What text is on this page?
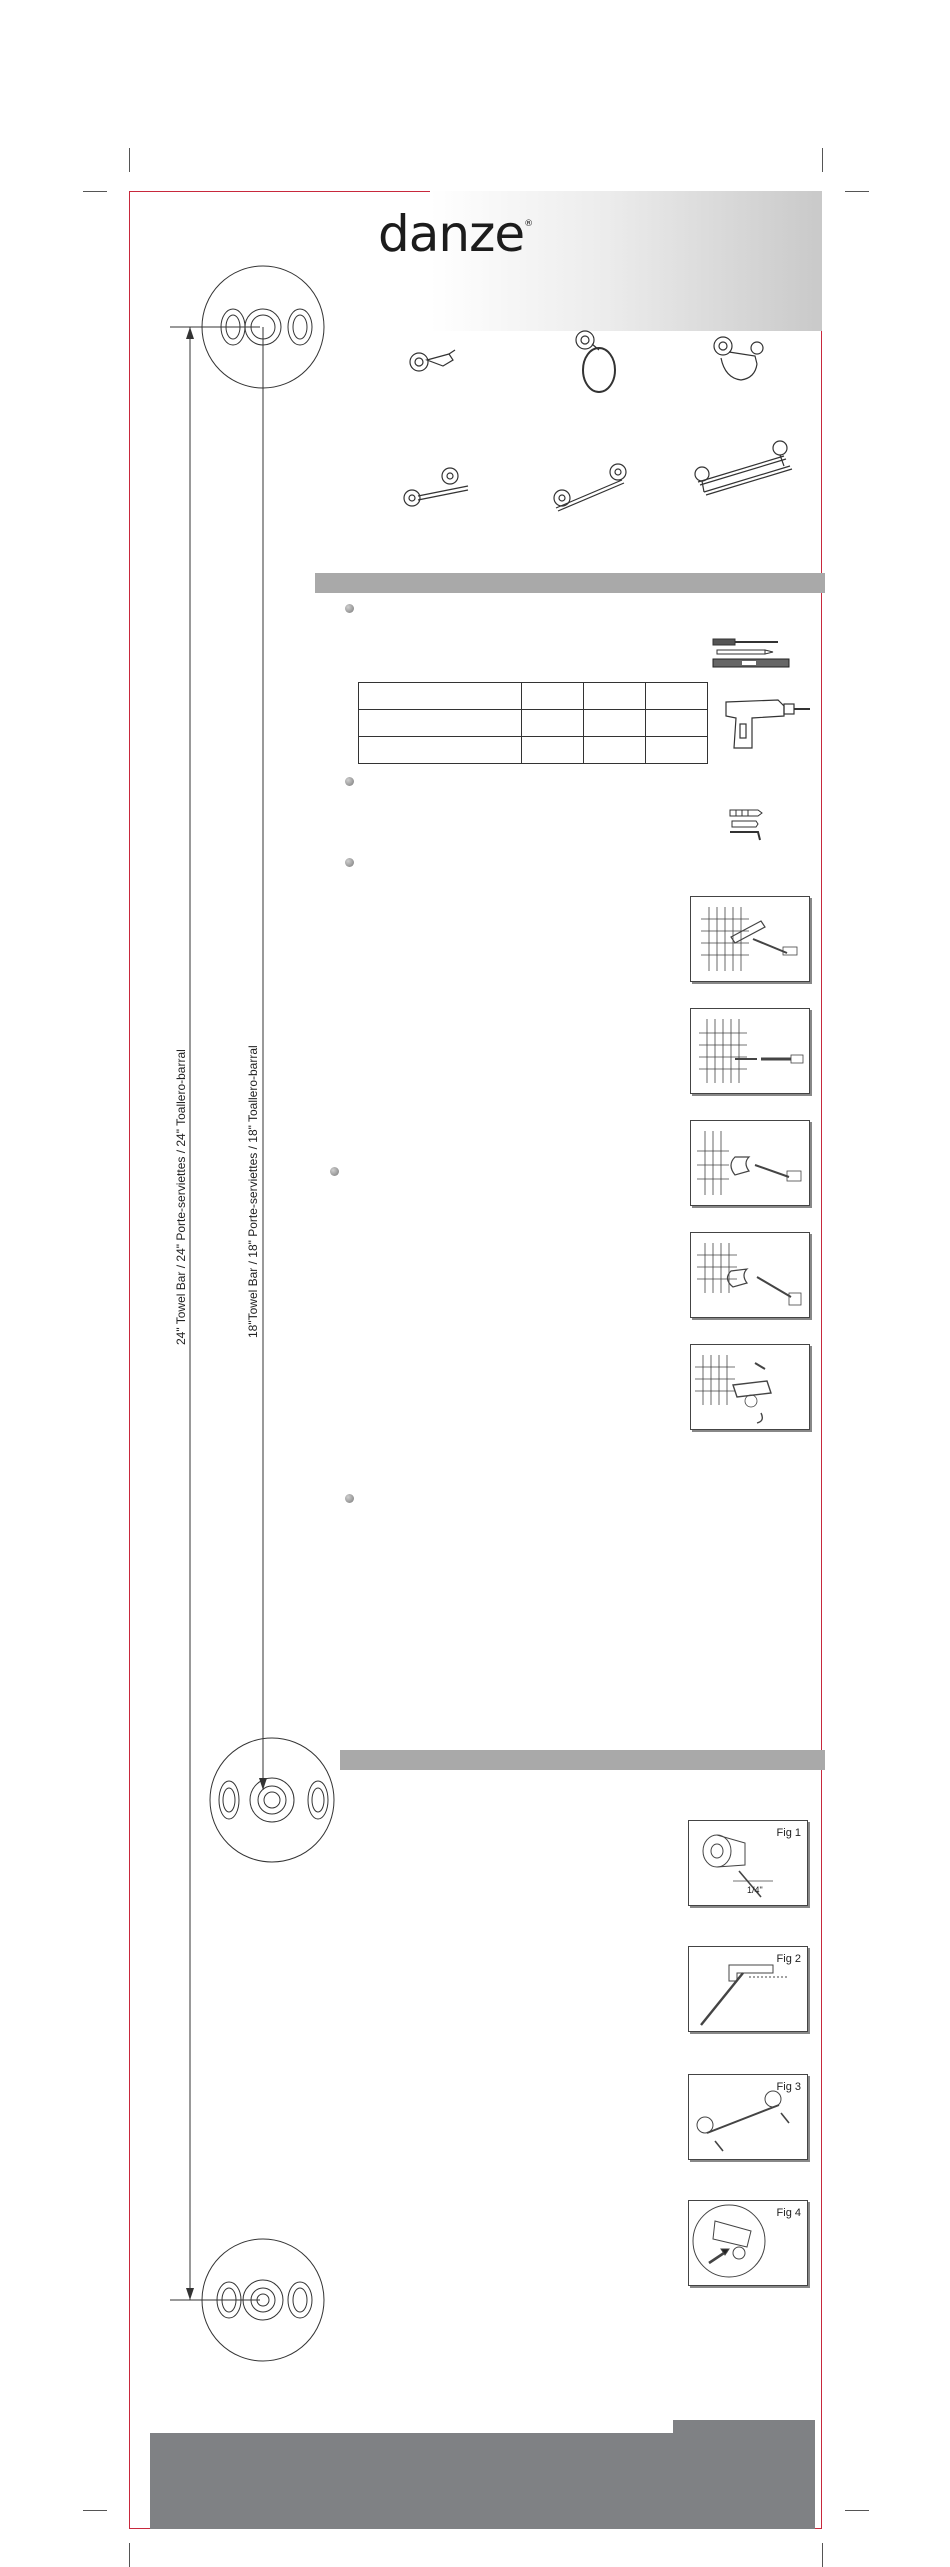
danze®
24" Towel Bar / 24" Porte-serviettes / 24" Toallero-barral	18"Towel Bar / 18" Porte-serviettes / 18" Toallero-barral

Fig 1
1/4"
Fig 2
Fig 3
Fig 4
